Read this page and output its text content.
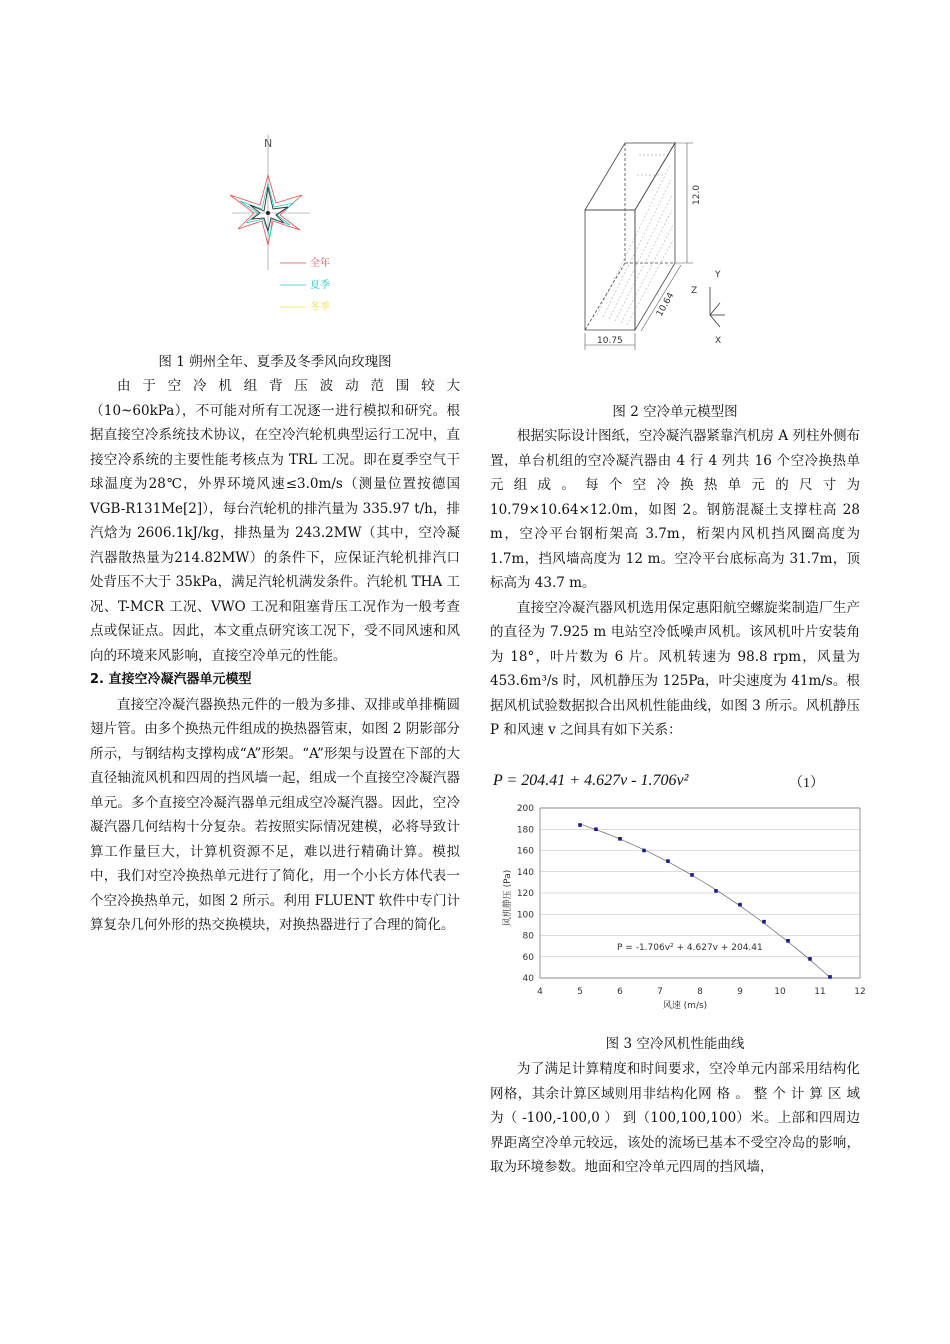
N
全年
夏季
冬季
图 1 朔州全年、夏季及冬季风向玫瑰图
12.0
10.64
10.75
Z
Y
X
图 2 空冷单元模型图

由 于 空 冷 机 组 背 压 波 动 范 围 较 大（10~60kPa），不可能对所有工况逐一进行模拟和研究。根据直接空冷系统技术协议，在空冷汽轮机典型运行工况中，直接空冷系统的主要性能考核点为 TRL 工况。即在夏季空气干球温度为28℃，外界环境风速≤3.0m/s（测量位置按德国VGB-R131Me[2]），每台汽轮机的排汽量为 335.97 t/h，排汽焓为 2606.1kJ/kg，排热量为 243.2MW（其中，空冷凝汽器散热量为214.82MW）的条件下，应保证汽轮机排汽口处背压不大于 35kPa，满足汽轮机满发条件。汽轮机 THA 工况、T-MCR 工况、VWO 工况和阻塞背压工况作为一般考查点或保证点。因此，本文重点研究该工况下，受不同风速和风向的环境来风影响，直接空冷单元的性能。

2. 直接空冷凝汽器单元模型

直接空冷凝汽器换热元件的一般为多排、双排或单排椭圆翅片管。由多个换热元件组成的换热器管束，如图 2 阴影部分所示，与钢结构支撑构成“A”形架。“A”形架与设置在下部的大直径轴流风机和四周的挡风墙一起，组成一个直接空冷凝汽器单元。多个直接空冷凝汽器单元组成空冷凝汽器。因此，空冷凝汽器几何结构十分复杂。若按照实际情况建模，必将导致计算工作量巨大，计算机资源不足，难以进行精确计算。模拟中，我们对空冷换热单元进行了简化，用一个小长方体代表一个空冷换热单元，如图 2 所示。利用 FLUENT 软件中专门计算复杂几何外形的热交换模块，对换热器进行了合理的简化。

根据实际设计图纸，空冷凝汽器紧靠汽机房 A 列柱外侧布置，单台机组的空冷凝汽器由 4 行 4 列共 16 个空冷换热单元组成。每个空冷换热单元的尺寸为 10.79×10.64×12.0m，如图 2。钢筋混凝土支撑柱高 28 m，空冷平台钢桁架高 3.7m，桁架内风机挡风圈高度为 1.7m，挡风墙高度为 12 m。空冷平台底标高为 31.7m，顶标高为 43.7 m。

直接空冷凝汽器风机选用保定惠阳航空螺旋桨制造厂生产的直径为 7.925 m 电站空冷低噪声风机。该风机叶片安装角为 18°，叶片数为 6 片。风机转速为 98.8 rpm，风量为 453.6m³/s 时，风机静压为 125Pa，叶尖速度为 41m/s。根据风机试验数据拟合出风机性能曲线，如图 3 所示。风机静压 P 和风速 v 之间具有如下关系：

P = 204.41 + 4.627v - 1.706v²	（1）
40
60
80
100
120
140
160
180
200
4	5	6	7	8	9	10	11	12
P = -1.706v² + 4.627v + 204.41
风速 (m/s)
风机静压 (Pa)
图 3 空冷风机性能曲线

为了满足计算精度和时间要求，空冷单元内部采用结构化网格，其余计算区域则用非结构化网 格 。 整 个 计 算 区 域 为（ -100,-100,0 ） 到（100,100,100）米。上部和四周边界距离空冷单元较远，该处的流场已基本不受空冷岛的影响，取为环境参数。地面和空冷单元四周的挡风墙，
